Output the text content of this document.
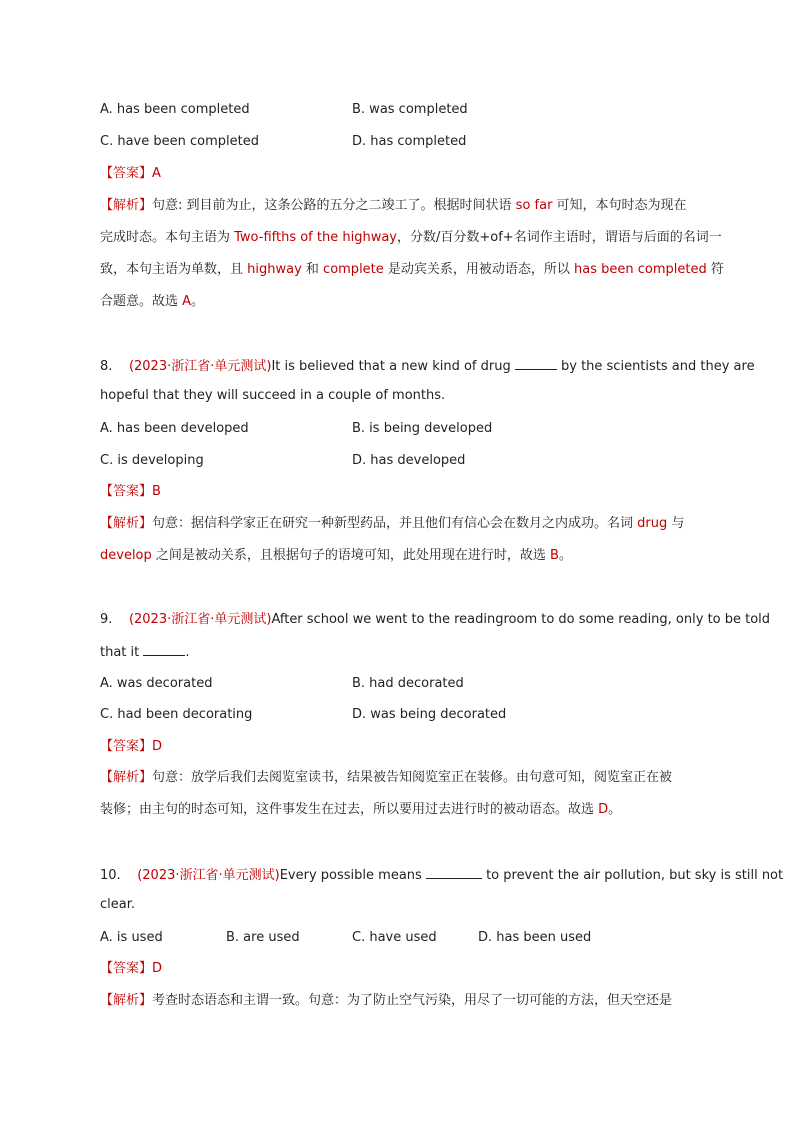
A. has been completed	B. was completed
C. have been completed	D. has completed
【答案】A
【解析】句意: 到目前为止，这条公路的五分之二竣工了。根据时间状语 so far 可知，本句时态为现在
完成时态。本句主语为 Two-fifths of the highway，分数/百分数+of+名词作主语时，谓语与后面的名词一
致，本句主语为单数，且 highway 和 complete 是动宾关系，用被动语态，所以 has been completed 符
合题意。故选 A。
8. (2023·浙江省·单元测试)It is believed that a new kind of drug	by the scientists and they are
hopeful that they will succeed in a couple of months.
A. has been developed	B. is being developed
C. is developing	D. has developed
【答案】B
【解析】句意：据信科学家正在研究一种新型药品，并且他们有信心会在数月之内成功。名词 drug 与
develop 之间是被动关系，且根据句子的语境可知，此处用现在进行时，故选 B。
9. (2023·浙江省·单元测试)After school we went to the readingroom to do some reading, only to be told
that it	.
A. was decorated	B. had decorated
C. had been decorating	D. was being decorated
【答案】D
【解析】句意：放学后我们去阅览室读书，结果被告知阅览室正在装修。由句意可知，阅览室正在被
装修；由主句的时态可知，这件事发生在过去，所以要用过去进行时的被动语态。故选 D。
10. (2023·浙江省·单元测试)Every possible means	to prevent the air pollution, but sky is still not
clear.
A. is used	B. are used	C. have used	D. has been used
【答案】D
【解析】考查时态语态和主谓一致。句意：为了防止空气污染，用尽了一切可能的方法，但天空还是
